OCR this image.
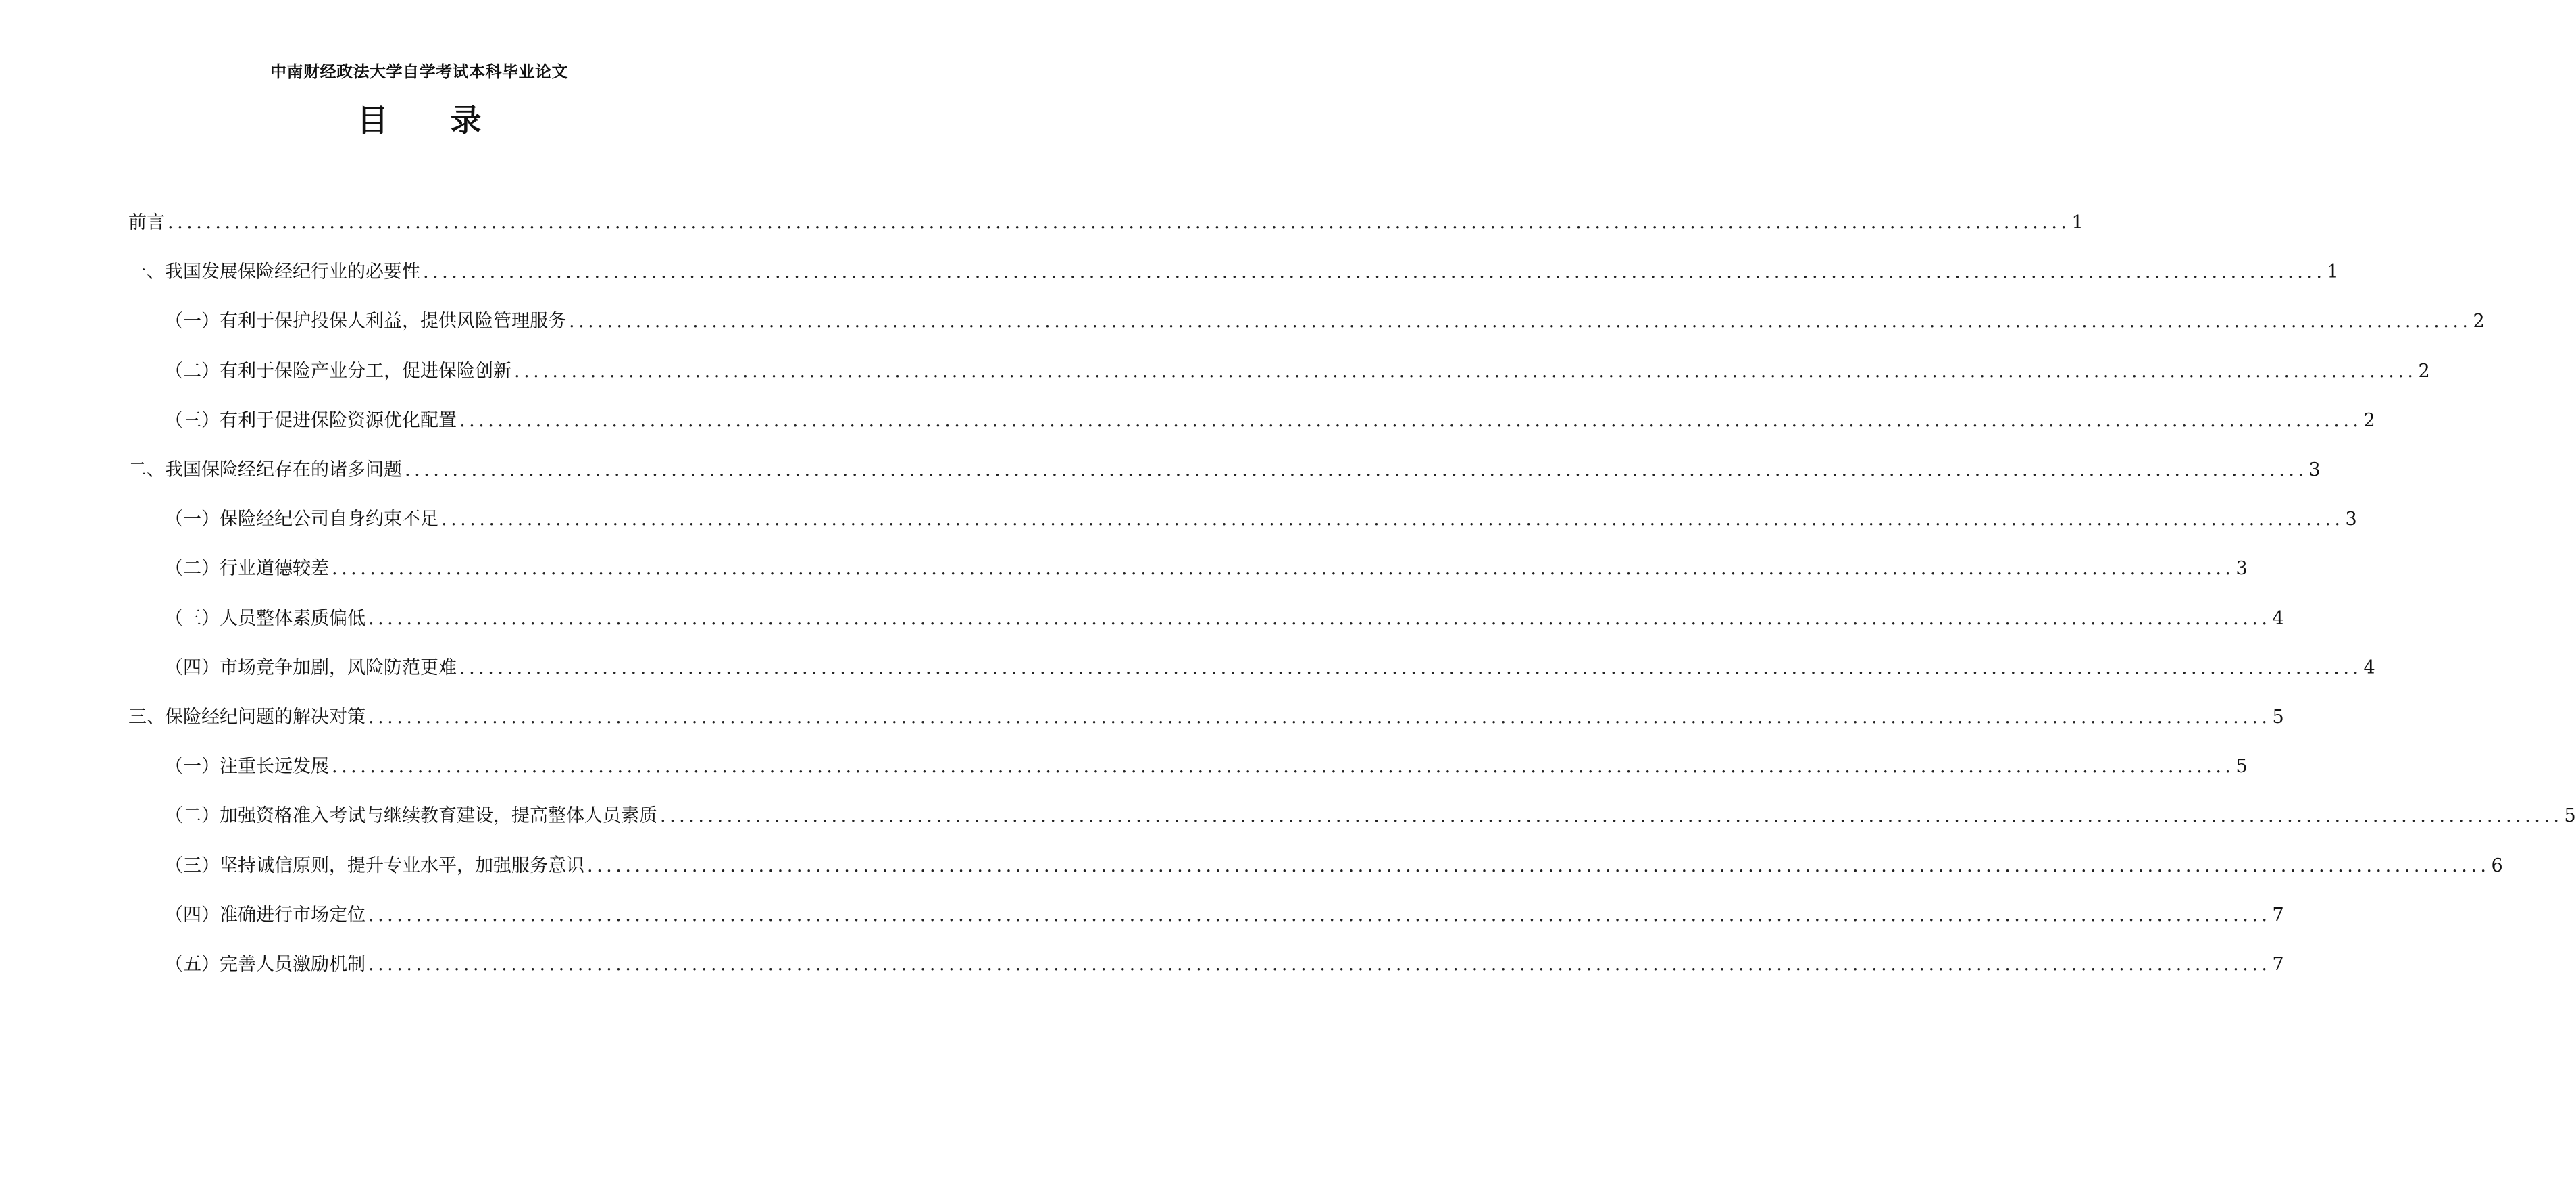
中南财经政法大学自学考试本科毕业论文
目 录
前言 ........................................................................................................................................................................................................ 1
一、我国发展保险经纪行业的必要性 ........................................................................................................................................................................................................ 1
（一）有利于保护投保人利益，提供风险管理服务 ........................................................................................................................................................................................................ 2
（二）有利于保险产业分工，促进保险创新 ........................................................................................................................................................................................................ 2
（三）有利于促进保险资源优化配置 ........................................................................................................................................................................................................ 2
二、我国保险经纪存在的诸多问题 ........................................................................................................................................................................................................ 3
（一）保险经纪公司自身约束不足 ........................................................................................................................................................................................................ 3
（二）行业道德较差 ........................................................................................................................................................................................................ 3
（三）人员整体素质偏低 ........................................................................................................................................................................................................ 4
（四）市场竞争加剧，风险防范更难 ........................................................................................................................................................................................................ 4
三、保险经纪问题的解决对策 ........................................................................................................................................................................................................ 5
（一）注重长远发展 ........................................................................................................................................................................................................ 5
（二）加强资格准入考试与继续教育建设，提高整体人员素质 ........................................................................................................................................................................................................ 5
（三）坚持诚信原则，提升专业水平，加强服务意识 ........................................................................................................................................................................................................ 6
（四）准确进行市场定位 ........................................................................................................................................................................................................ 7
（五）完善人员激励机制 ........................................................................................................................................................................................................ 7
